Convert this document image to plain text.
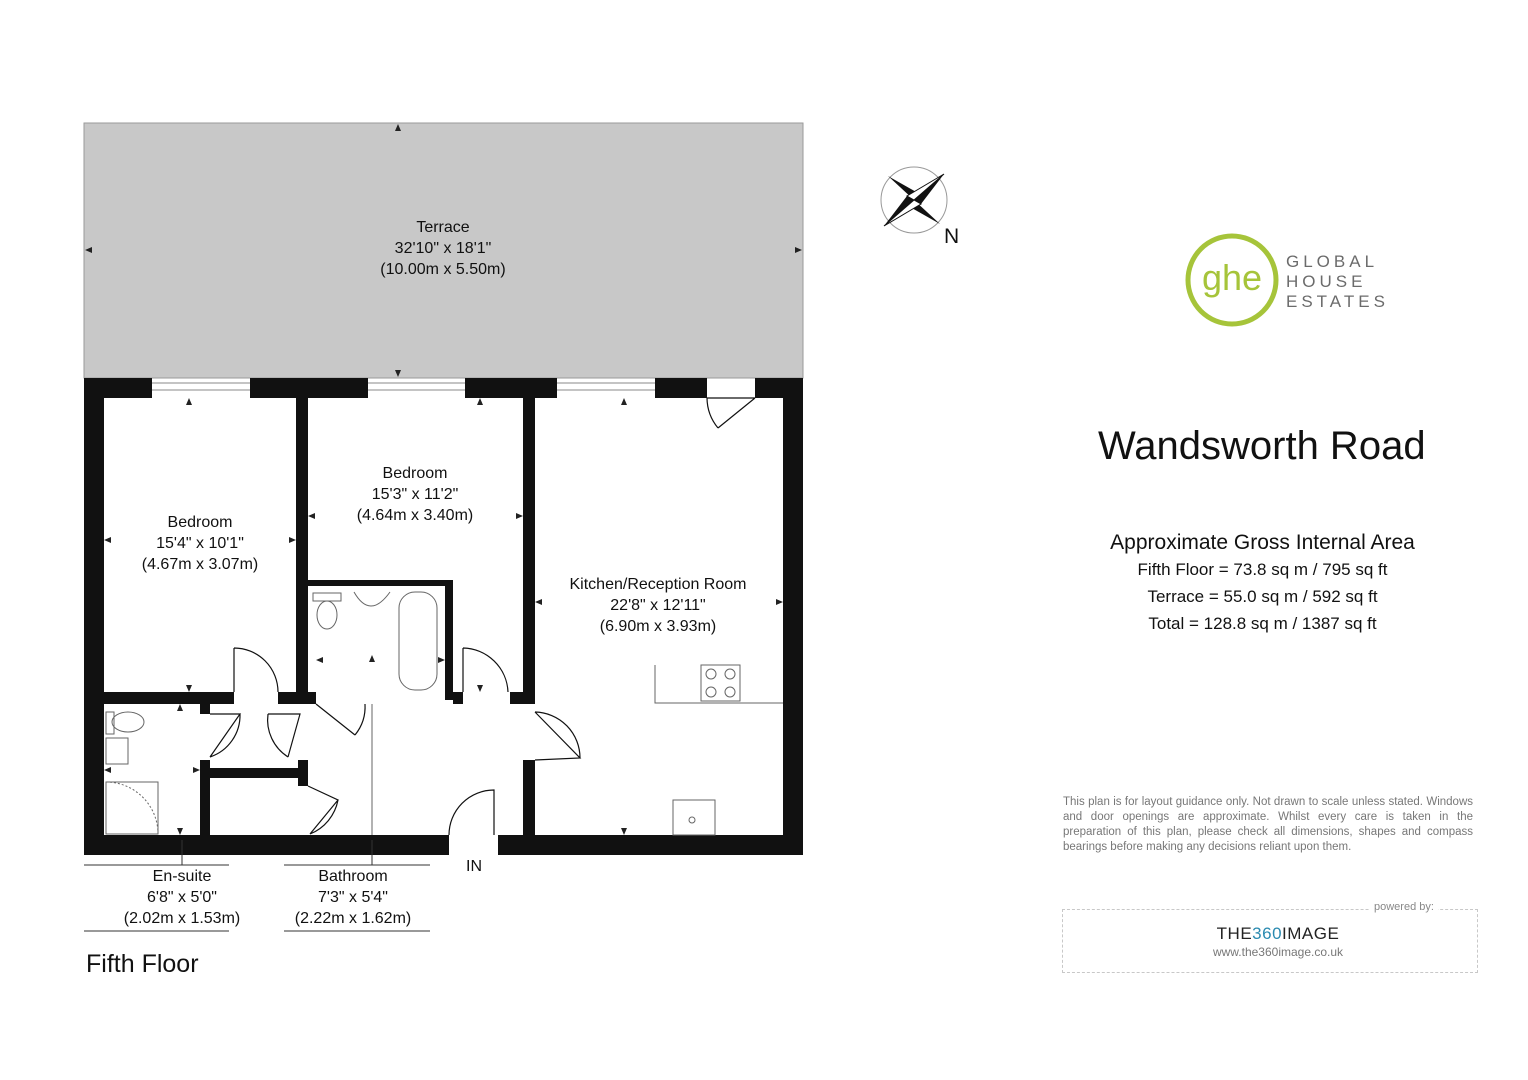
Terrace
32'10" x 18'1"
(10.00m x 5.50m)
Bedroom
15'4" x 10'1"
(4.67m x 3.07m)
Bedroom
15'3" x 11'2"
(4.64m x 3.40m)
Kitchen/Reception Room
22'8" x 12'11"
(6.90m x 3.93m)
En-suite
6'8" x 5'0"
(2.02m x 1.53m)
Bathroom
7'3" x 5'4"
(2.22m x 1.62m)
IN
Fifth Floor
N
ghe	GLOBAL
HOUSE
ESTATES
Wandsworth Road
Approximate Gross Internal Area
Fifth Floor = 73.8 sq m / 795 sq ft
Terrace = 55.0 sq m / 592 sq ft
Total = 128.8 sq m / 1387 sq ft
This plan is for layout guidance only. Not drawn to scale unless stated. Windows and door openings are approximate. Whilst every care is taken in the preparation of this plan, please check all dimensions, shapes and compass bearings before making any decisions reliant upon them.
powered by:
THE360IMAGE
www.the360image.co.uk
